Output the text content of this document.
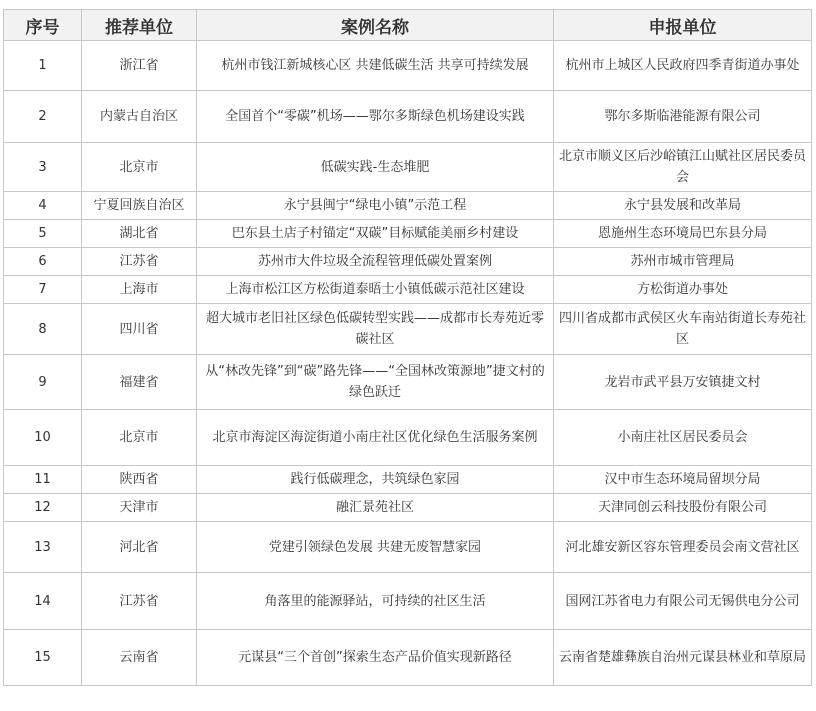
序号	推荐单位	案例名称	申报单位
1	浙江省	杭州市钱江新城核心区 共建低碳生活 共享可持续发展	杭州市上城区人民政府四季青街道办事处
2	内蒙古自治区	全国首个“零碳”机场——鄂尔多斯绿色机场建设实践	鄂尔多斯临港能源有限公司
3	北京市	低碳实践-生态堆肥	北京市顺义区后沙峪镇江山赋社区居民委员会
4	宁夏回族自治区	永宁县闽宁“绿电小镇”示范工程	永宁县发展和改革局
5	湖北省	巴东县土店子村锚定“双碳”目标赋能美丽乡村建设	恩施州生态环境局巴东县分局
6	江苏省	苏州市大件垃圾全流程管理低碳处置案例	苏州市城市管理局
7	上海市	上海市松江区方松街道泰晤士小镇低碳示范社区建设	方松街道办事处
8	四川省	超大城市老旧社区绿色低碳转型实践——成都市长寿苑近零碳社区	四川省成都市武侯区火车南站街道长寿苑社区
9	福建省	从“林改先锋”到“碳”路先锋——“全国林改策源地”捷文村的绿色跃迁	龙岩市武平县万安镇捷文村
10	北京市	北京市海淀区海淀街道小南庄社区优化绿色生活服务案例	小南庄社区居民委员会
11	陕西省	践行低碳理念，共筑绿色家园	汉中市生态环境局留坝分局
12	天津市	融汇景苑社区	天津同创云科技股份有限公司
13	河北省	党建引领绿色发展 共建无废智慧家园	河北雄安新区容东管理委员会南文营社区
14	江苏省	角落里的能源驿站，可持续的社区生活	国网江苏省电力有限公司无锡供电分公司
15	云南省	元谋县“三个首创”探索生态产品价值实现新路径	云南省楚雄彝族自治州元谋县林业和草原局
